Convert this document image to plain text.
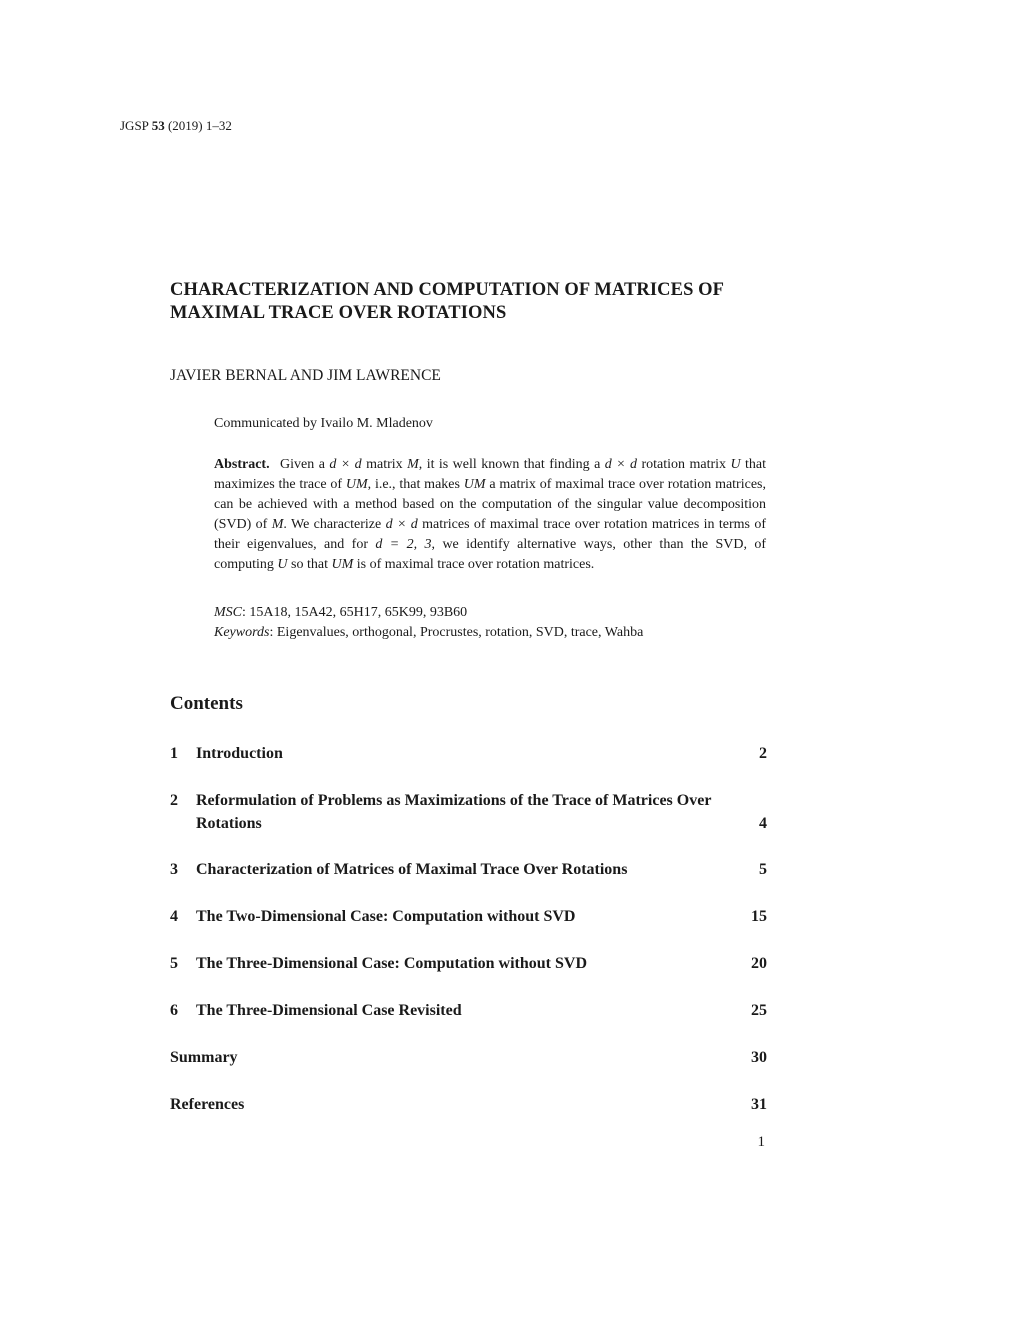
JGSP 53 (2019) 1–32
CHARACTERIZATION AND COMPUTATION OF MATRICES OF
MAXIMAL TRACE OVER ROTATIONS
JAVIER BERNAL AND JIM LAWRENCE
Communicated by Ivailo M. Mladenov
Abstract. Given a d × d matrix M, it is well known that finding a d × d rotation matrix U that maximizes the trace of UM, i.e., that makes UM a matrix of maximal trace over rotation matrices, can be achieved with a method based on the computation of the singular value decomposition (SVD) of M. We characterize d × d matrices of maximal trace over rotation matrices in terms of their eigenvalues, and for d = 2, 3, we identify alternative ways, other than the SVD, of computing U so that UM is of maximal trace over rotation matrices.
MSC: 15A18, 15A42, 65H17, 65K99, 93B60
Keywords: Eigenvalues, orthogonal, Procrustes, rotation, SVD, trace, Wahba
Contents
1 Introduction	2
2 Reformulation of Problems as Maximizations of the Trace of Matrices Over Rotations	4
3 Characterization of Matrices of Maximal Trace Over Rotations	5
4 The Two-Dimensional Case: Computation without SVD	15
5 The Three-Dimensional Case: Computation without SVD	20
6 The Three-Dimensional Case Revisited	25
Summary	30
References	31
1
